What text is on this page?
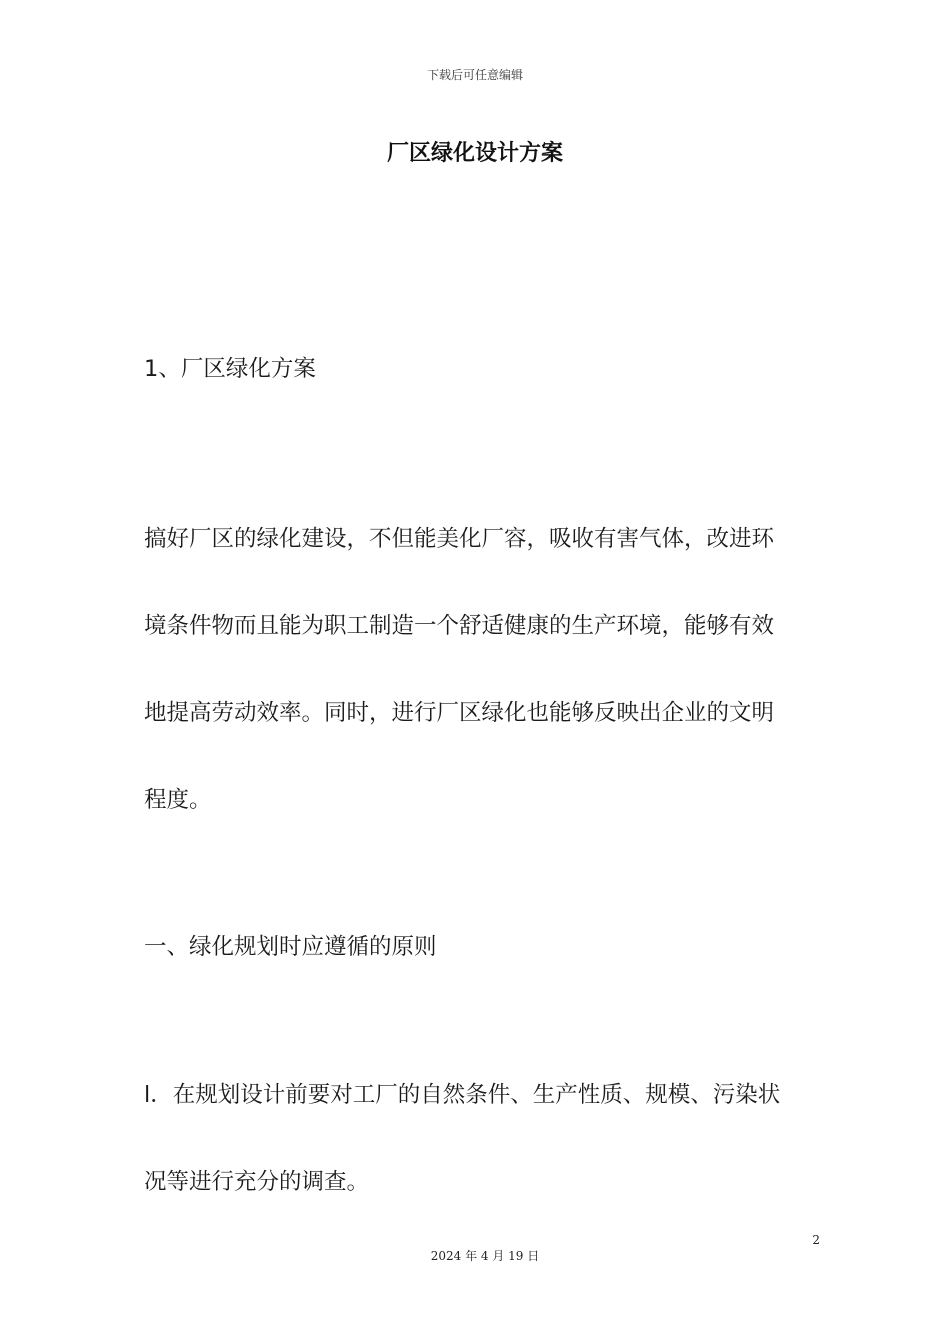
下载后可任意编辑
厂区绿化设计方案
1、厂区绿化方案
搞好厂区的绿化建设，不但能美化厂容，吸收有害气体，改进环
境条件物而且能为职工制造一个舒适健康的生产环境，能够有效
地提高劳动效率。同时，进行厂区绿化也能够反映出企业的文明
程度。
一、绿化规划时应遵循的原则
l．在规划设计前要对工厂的自然条件、生产性质、规模、污染状
况等进行充分的调查。
2
2024 年 4 月 19 日
